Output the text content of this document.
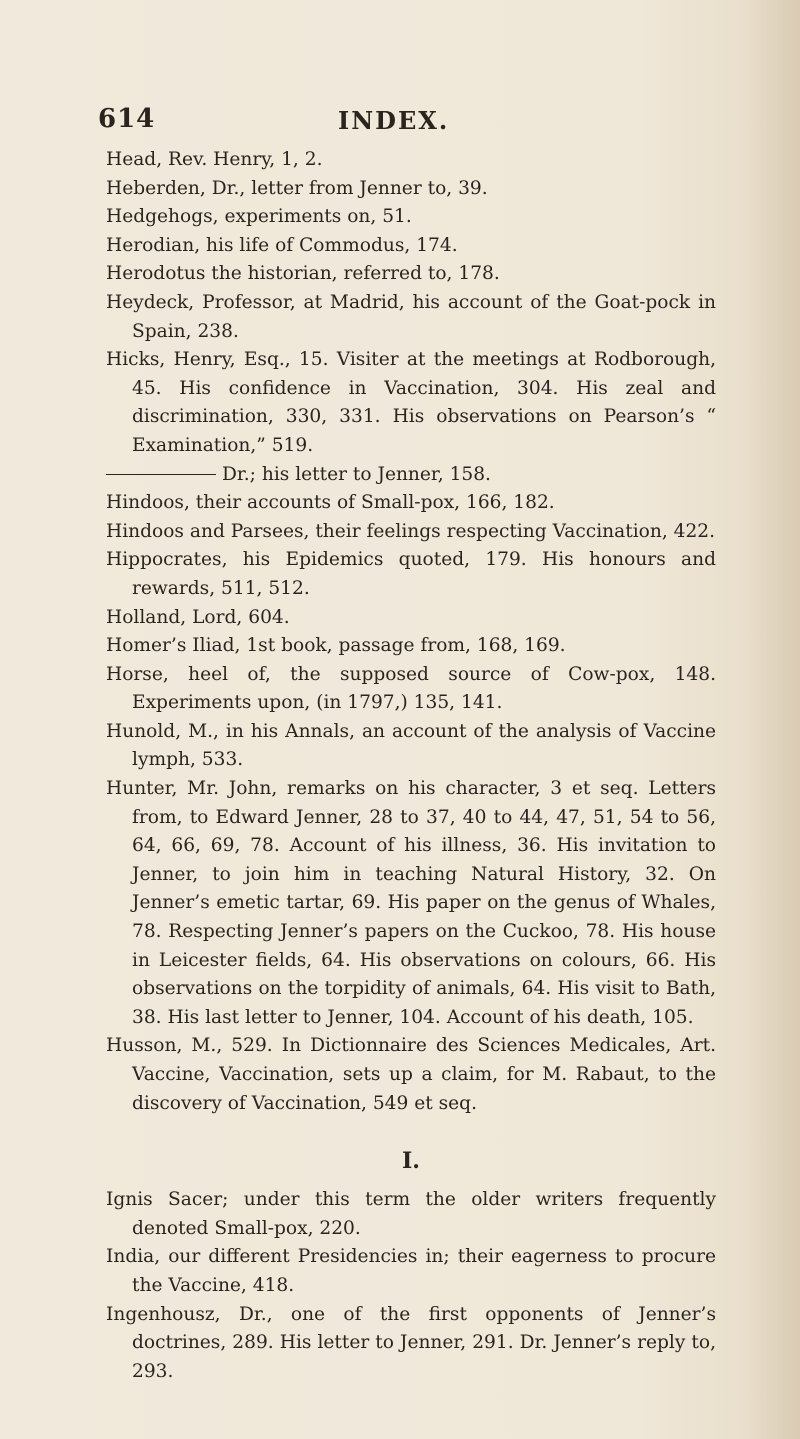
614	INDEX.

Head, Rev. Henry, 1, 2.

Heberden, Dr., letter from Jenner to, 39.

Hedgehogs, experiments on, 51.

Herodian, his life of Commodus, 174.

Herodotus the historian, referred to, 178.

Heydeck, Professor, at Madrid, his account of the Goat-pock in Spain, 238.

Hicks, Henry, Esq., 15. Visiter at the meetings at Rodborough, 45. His confidence in Vaccination, 304. His zeal and discrimination, 330, 331. His observations on Pearson’s “ Examination,” 519.

Dr.; his letter to Jenner, 158.

Hindoos, their accounts of Small-pox, 166, 182.

Hindoos and Parsees, their feelings respecting Vaccination, 422.

Hippocrates, his Epidemics quoted, 179. His honours and rewards, 511, 512.

Holland, Lord, 604.

Homer’s Iliad, 1st book, passage from, 168, 169.

Horse, heel of, the supposed source of Cow-pox, 148. Experiments upon, (in 1797,) 135, 141.

Hunold, M., in his Annals, an account of the analysis of Vaccine lymph, 533.

Hunter, Mr. John, remarks on his character, 3 et seq. Letters from, to Edward Jenner, 28 to 37, 40 to 44, 47, 51, 54 to 56, 64, 66, 69, 78. Account of his illness, 36. His invitation to Jenner, to join him in teaching Natural History, 32. On Jenner’s emetic tartar, 69. His paper on the genus of Whales, 78. Respecting Jenner’s papers on the Cuckoo, 78. His house in Leicester fields, 64. His observations on colours, 66. His observations on the torpidity of animals, 64. His visit to Bath, 38. His last letter to Jenner, 104. Account of his death, 105.

Husson, M., 529. In Dictionnaire des Sciences Medicales, Art. Vaccine, Vaccination, sets up a claim, for M. Rabaut, to the discovery of Vaccination, 549 et seq.

I.

Ignis Sacer; under this term the older writers frequently denoted Small-pox, 220.

India, our different Presidencies in; their eagerness to procure the Vaccine, 418.

Ingenhousz, Dr., one of the first opponents of Jenner’s doctrines, 289. His letter to Jenner, 291. Dr. Jenner’s reply to, 293.
